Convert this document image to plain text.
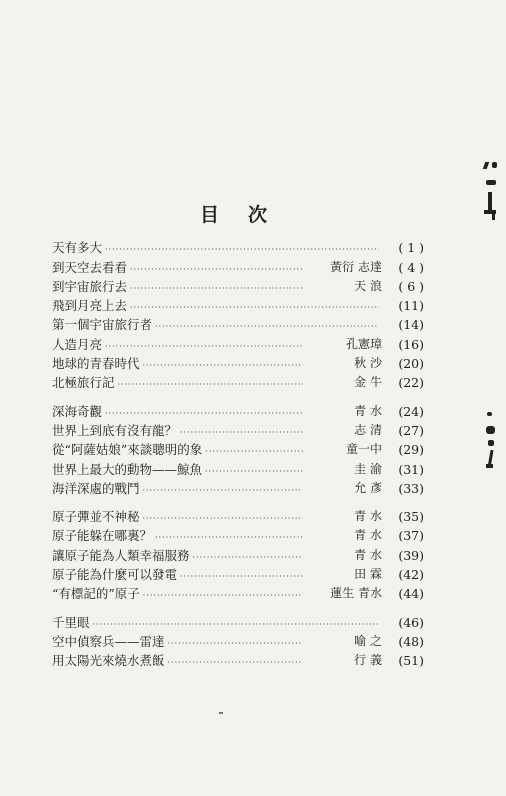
目 次
天有多大 ·····	( 1 )
到天空去看看 ·····	黃衍 志達	( 4 )
到宇宙旅行去 ·····	天 浪	( 6 )
飛到月亮上去 ·····	(11)
第一個宇宙旅行者 ·····	(14)
人造月亮 ·····	孔憲璋	(16)
地球的青春時代 ·····	秋 沙	(20)
北極旅行記 ·····	金 牛	(22)
深海奇觀 ·····	青 水	(24)
世界上到底有沒有龍？ ·····	志 清	(27)
從“阿薩姑娘”來談聰明的象 ·····	童一中	(29)
世界上最大的動物——鯨魚 ·····	圭 渝	(31)
海洋深處的戰鬥 ·····	允 彥	(33)
原子彈並不神秘 ·····	青 水	(35)
原子能躲在哪裏？ ·····	青 水	(37)
讓原子能為人類幸福服務 ·····	青 水	(39)
原子能為什麼可以發電 ·····	田 霖	(42)
“有標記的”原子 ·····	蓮生 青水	(44)
千里眼 ·····	(46)
空中偵察兵——雷達 ·····	喻 之	(48)
用太陽光來燒水煮飯 ·····	行 義	(51)
